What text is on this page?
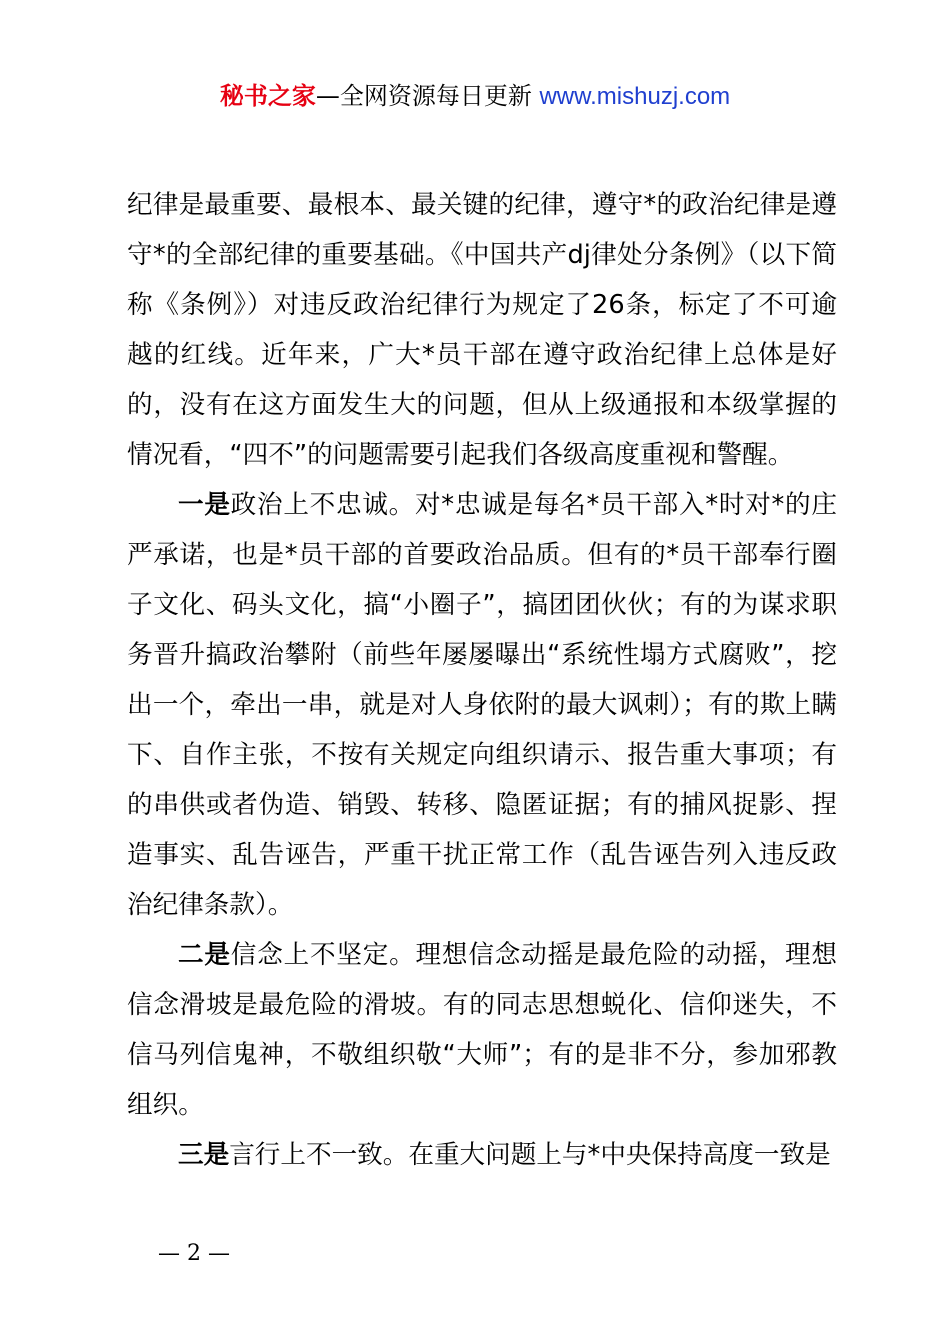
秘书之家—全网资源每日更新 www.mishuzj.com

纪律是最重要、最根本、最关键的纪律，遵守*的政治纪律是遵守*的全部纪律的重要基础。《中国共产dj律处分条例》（以下简称《条例》）对违反政治纪律行为规定了26条，标定了不可逾越的红线。近年来，广大*员干部在遵守政治纪律上总体是好的，没有在这方面发生大的问题，但从上级通报和本级掌握的情况看，“四不”的问题需要引起我们各级高度重视和警醒。

一是政治上不忠诚。对*忠诚是每名*员干部入*时对*的庄严承诺，也是*员干部的首要政治品质。但有的*员干部奉行圈子文化、码头文化，搞“小圈子”，搞团团伙伙；有的为谋求职务晋升搞政治攀附（前些年屡屡曝出“系统性塌方式腐败”，挖出一个，牵出一串，就是对人身依附的最大讽刺）；有的欺上瞒下、自作主张，不按有关规定向组织请示、报告重大事项；有的串供或者伪造、销毁、转移、隐匿证据；有的捕风捉影、捏造事实、乱告诬告，严重干扰正常工作（乱告诬告列入违反政治纪律条款）。

二是信念上不坚定。理想信念动摇是最危险的动摇，理想信念滑坡是最危险的滑坡。有的同志思想蜕化、信仰迷失，不信马列信鬼神，不敬组织敬“大师”；有的是非不分，参加邪教组织。

三是言行上不一致。在重大问题上与*中央保持高度一致是

— 2 —
